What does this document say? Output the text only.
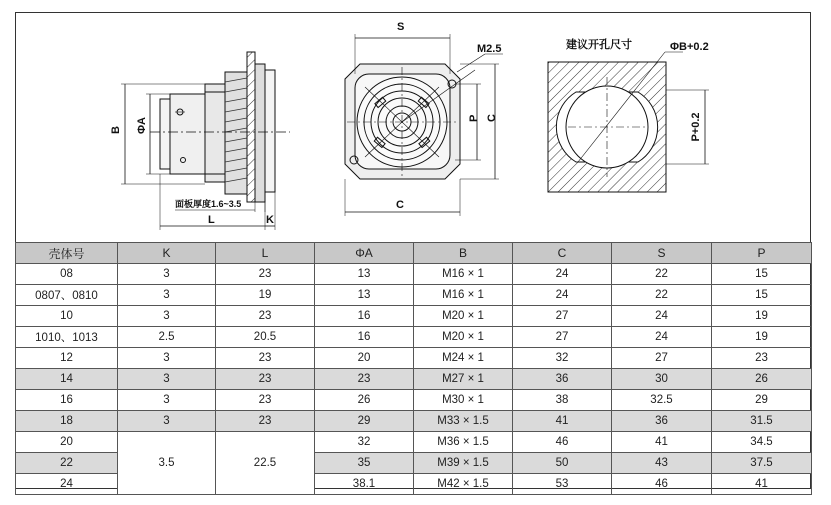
B ΦA
面板厚度1.6~3.5
L	K
S
M2.5
P C
C
建议开孔尺寸	ΦB+0.2
P+0.2
壳体号	K	L	ΦA	B	C	S	P
08	3	23	13	M16 × 1	24	22	15
0807、0810	3	19	13	M16 × 1	24	22	15
10	3	23	16	M20 × 1	27	24	19
1010、1013	2.5	20.5	16	M20 × 1	27	24	19
12	3	23	20	M24 × 1	32	27	23
14	3	23	23	M27 × 1	36	30	26
16	3	23	26	M30 × 1	38	32.5	29
18	3	23	29	M33 × 1.5	41	36	31.5
20	3.5	22.5	32	M36 × 1.5	46	41	34.5
22			35	M39 × 1.5	50	43	37.5
24			38.1	M42 × 1.5	53	46	41
